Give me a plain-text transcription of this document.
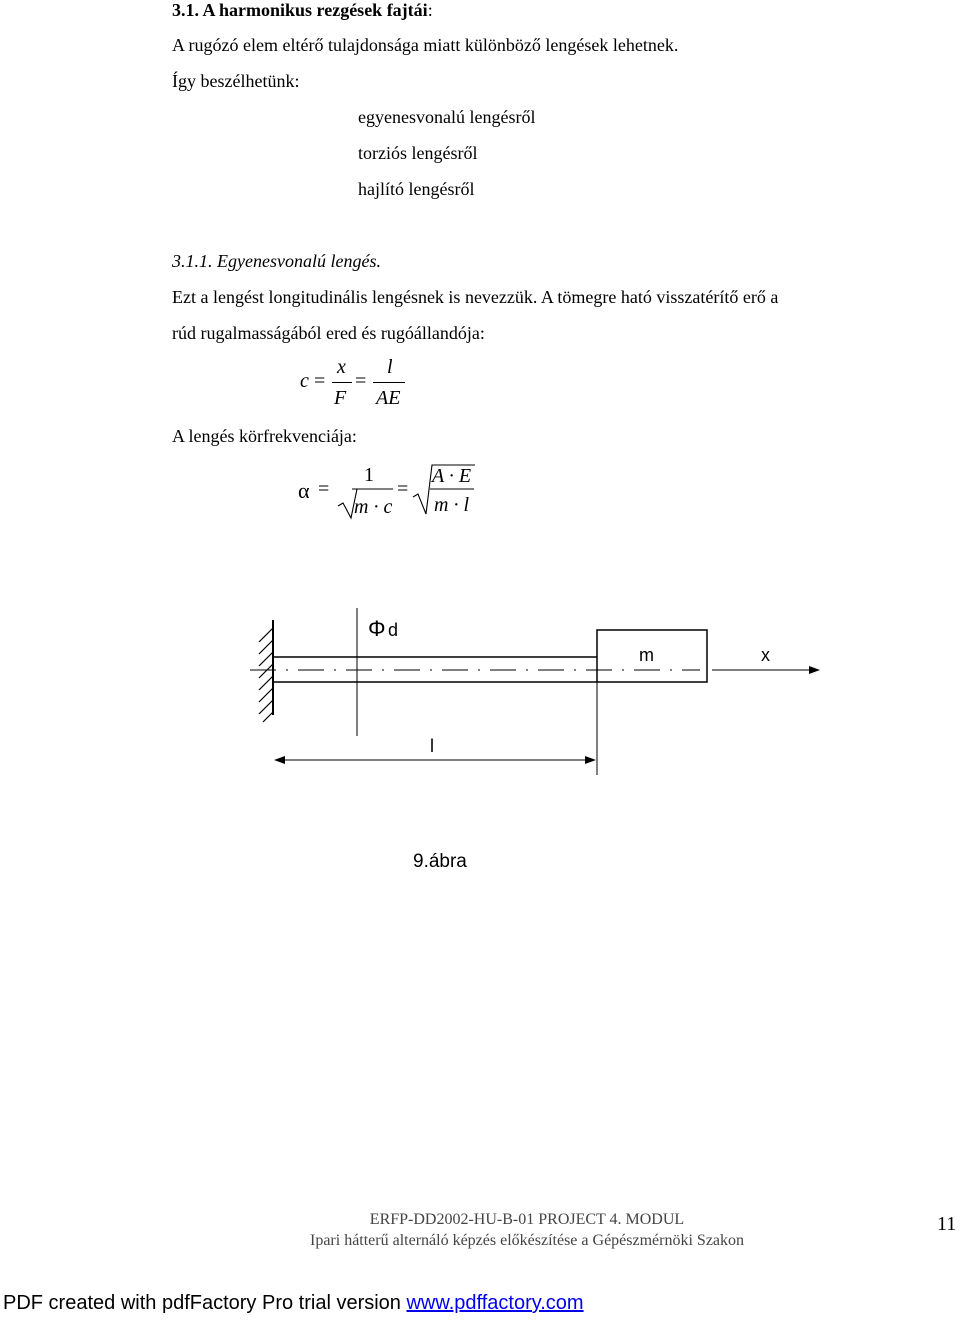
3.1. A harmonikus rezgések fajtái:
A rugózó elem eltérő tulajdonsága miatt különböző lengések lehetnek.
Így beszélhetünk:
egyenesvonalú lengésről
torziós lengésről
hajlító lengésről
3.1.1. Egyenesvonalú lengés.
Ezt a lengést longitudinális lengésnek is nevezzük. A tömegre ható visszatérítő erő a
rúd rugalmasságából ered és rugóállandója:
c =
x
F
=
l
AE
A lengés körfrekvenciája:
α =
1
m · c
=
A · E
m · l
Φ d
m	x
l
9.ábra
ERFP-DD2002-HU-B-01 PROJECT 4. MODUL
Ipari hátterű alternáló képzés előkészítése a Gépészmérnöki Szakon
11
PDF created with pdfFactory Pro trial version www.pdffactory.com
